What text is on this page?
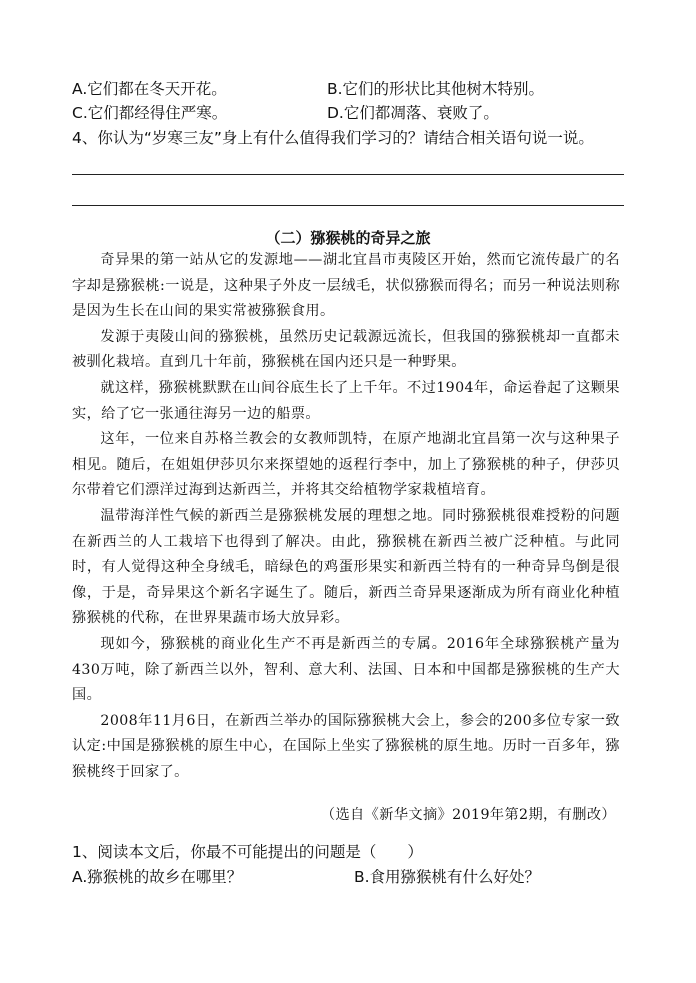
A.它们都在冬天开花。	B.它们的形状比其他树木特别。
C.它们都经得住严寒。	D.它们都凋落、衰败了。
4、你认为“岁寒三友”身上有什么值得我们学习的？请结合相关语句说一说。
（二）猕猴桃的奇异之旅

奇异果的第一站从它的发源地——湖北宜昌市夷陵区开始，然而它流传最广的名字却是猕猴桃:一说是，这种果子外皮一层绒毛，状似猕猴而得名；而另一种说法则称是因为生长在山间的果实常被猕猴食用。

发源于夷陵山间的猕猴桃，虽然历史记载源远流长，但我国的猕猴桃却一直都未被驯化栽培。直到几十年前，猕猴桃在国内还只是一种野果。

就这样，猕猴桃默默在山间谷底生长了上千年。不过1904年，命运眷起了这颗果实，给了它一张通往海另一边的船票。

这年，一位来自苏格兰教会的女教师凯特，在原产地湖北宜昌第一次与这种果子相见。随后，在姐姐伊莎贝尔来探望她的返程行李中，加上了猕猴桃的种子，伊莎贝尔带着它们漂洋过海到达新西兰，并将其交给植物学家栽植培育。

温带海洋性气候的新西兰是猕猴桃发展的理想之地。同时猕猴桃很难授粉的问题在新西兰的人工栽培下也得到了解决。由此，猕猴桃在新西兰被广泛种植。与此同时，有人觉得这种全身绒毛，暗绿色的鸡蛋形果实和新西兰特有的一种奇异鸟倒是很像，于是，奇异果这个新名字诞生了。随后，新西兰奇异果逐渐成为所有商业化种植猕猴桃的代称，在世界果蔬市场大放异彩。

现如今，猕猴桃的商业化生产不再是新西兰的专属。2016年全球猕猴桃产量为430万吨，除了新西兰以外，智利、意大利、法国、日本和中国都是猕猴桃的生产大国。

2008年11月6日，在新西兰举办的国际猕猴桃大会上，参会的200多位专家一致认定:中国是猕猴桃的原生中心，在国际上坐实了猕猴桃的原生地。历时一百多年，猕猴桃终于回家了。

（选自《新华文摘》2019年第2期，有删改）
1、阅读本文后，你最不可能提出的问题是（　　）
A.猕猴桃的故乡在哪里？	B.食用猕猴桃有什么好处？
